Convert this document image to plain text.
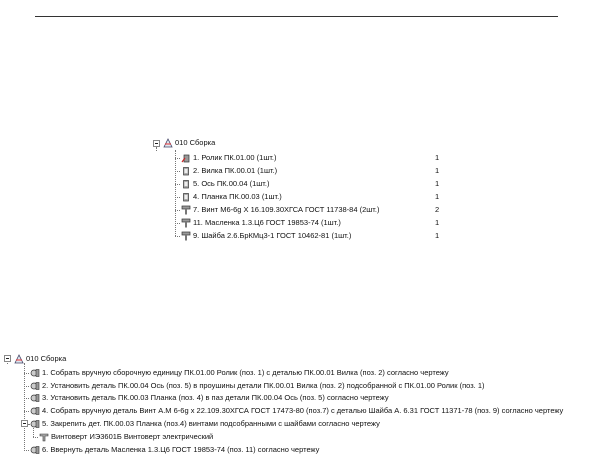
010 Сборка
1. Ролик ПК.01.00 (1шт.)
2. Вилка ПК.00.01 (1шт.)
5. Ось ПК.00.04 (1шт.)
4. Планка ПК.00.03 (1шт.)
7. Винт М6-6g X 16.109.30ХГСА ГОСТ 11738-84 (2шт.)
11. Масленка 1.3.Ц6 ГОСТ 19853-74 (1шт.)
9. Шайба 2.6.БрКМц3-1 ГОСТ 10462-81 (1шт.)
1
1
1
1
2
1
1
010 Сборка
1. Собрать вручную сборочную единицу ПК.01.00 Ролик (поз. 1) с деталью ПК.00.01 Вилка (поз. 2) согласно чертежу
2. Установить деталь ПК.00.04 Ось (поз. 5) в проушины детали ПК.00.01 Вилка (поз. 2) подсобранной с ПК.01.00 Ролик (поз. 1)
3. Установить деталь ПК.00.03 Планка (поз. 4) в паз детали ПК.00.04 Ось (поз. 5) согласно чертежу
4. Собрать вручную деталь Винт А.М 6-6g x 22.109.30ХГСА ГОСТ 17473-80 (поз.7) с деталью Шайба А. 6.31 ГОСТ 11371-78 (поз. 9) согласно чертежу
5. Закрепить дет. ПК.00.03 Планка (поз.4) винтами подсобранными с шайбами согласно чертежу
Винтоверт ИЭ3601Б Винтоверт электрический
6. Ввернуть деталь Масленка 1.3.Ц6 ГОСТ 19853-74 (поз. 11) согласно чертежу
